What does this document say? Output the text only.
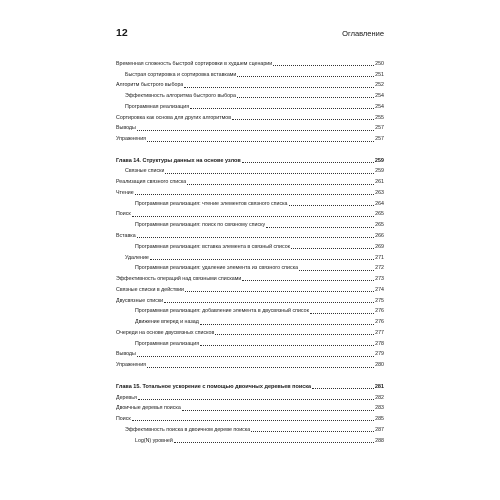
12	Оглавление
Временная сложность быстрой сортировки в худшем сценарии	250
Быстрая сортировка и сортировка вставками	251
Алгоритм быстрого выбора	252
Эффективность алгоритма быстрого выбора	254
Программная реализация	254
Сортировка как основа для других алгоритмов	255
Выводы	257
Упражнения	257
Глава 14. Структуры данных на основе узлов	259
Связные списки	259
Реализация связного списка	261
Чтение	263
Программная реализация: чтение элементов связного списка	264
Поиск	265
Программная реализация: поиск по связному списку	265
Вставка	266
Программная реализация: вставка элемента в связный список	269
Удаление	271
Программная реализация: удаление элемента из связного списка	272
Эффективность операций над связными списками	273
Связные списки в действии	274
Двусвязные списки	275
Программная реализация: добавление элемента в двусвязный список	276
Движение вперед и назад	276
Очереди на основе двусвязных списков	277
Программная реализация	278
Выводы	279
Упражнения	280
Глава 15. Тотальное ускорение с помощью двоичных деревьев поиска	281
Деревья	282
Двоичные деревья поиска	283
Поиск	285
Эффективность поиска в двоичном дереве поиска	287
Log(N) уровней	288
